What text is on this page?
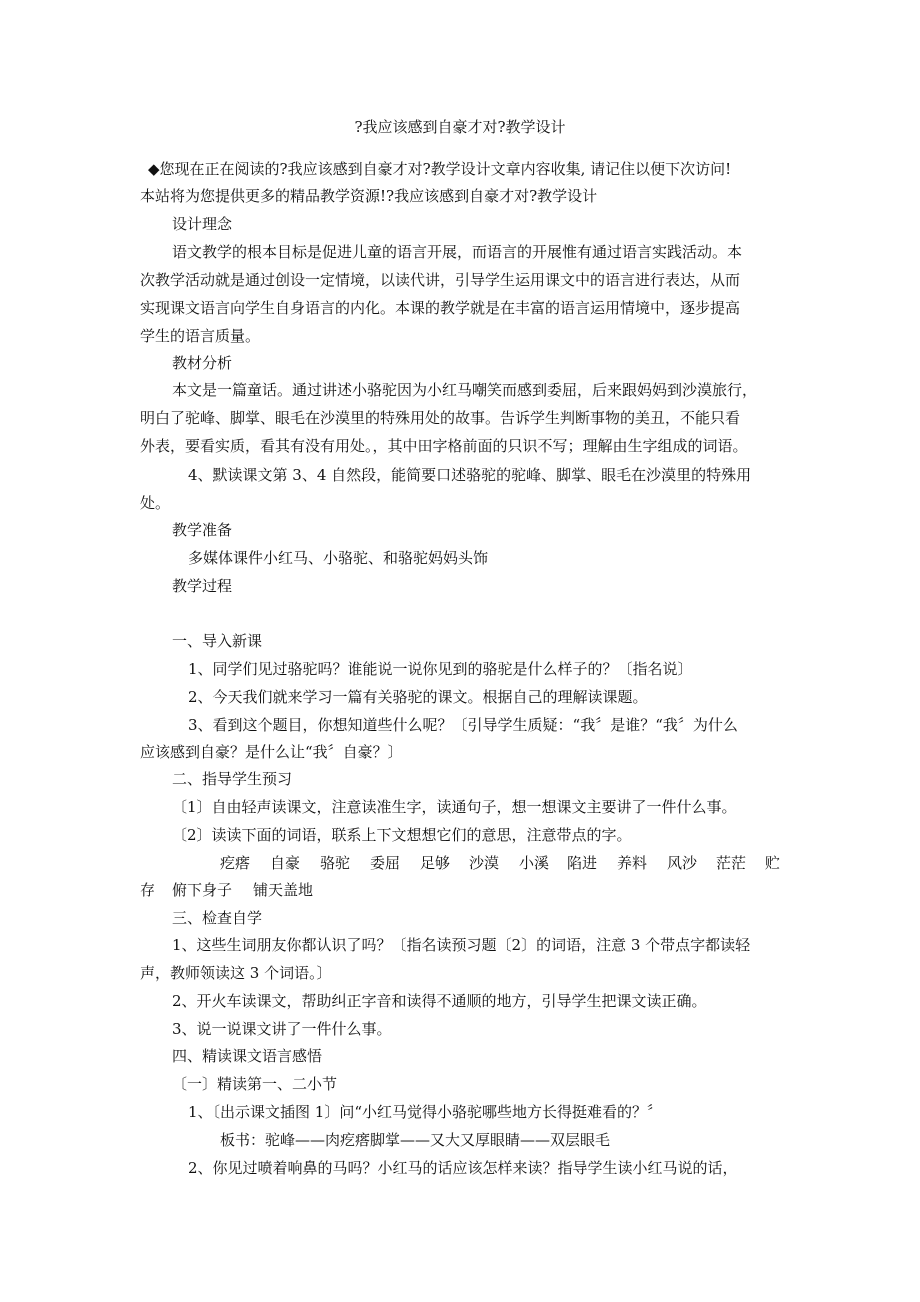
?我应该感到自豪才对?教学设计
◆您现在正在阅读的?我应该感到自豪才对?教学设计文章内容收集, 请记住以便下次访问!
本站将为您提供更多的精品教学资源!?我应该感到自豪才对?教学设计
设计理念
语文教学的根本目标是促进儿童的语言开展，而语言的开展惟有通过语言实践活动。本
次教学活动就是通过创设一定情境，以读代讲，引导学生运用课文中的语言进行表达，从而
实现课文语言向学生自身语言的内化。本课的教学就是在丰富的语言运用情境中，逐步提高
学生的语言质量。
教材分析
本文是一篇童话。通过讲述小骆驼因为小红马嘲笑而感到委屈，后来跟妈妈到沙漠旅行，
明白了驼峰、脚掌、眼毛在沙漠里的特殊用处的故事。告诉学生判断事物的美丑，不能只看
外表，要看实质，看其有没有用处。，其中田字格前面的只识不写；理解由生字组成的词语。
4、默读课文第 3、4 自然段，能简要口述骆驼的驼峰、脚掌、眼毛在沙漠里的特殊用
处。
教学准备
多媒体课件小红马、小骆驼、和骆驼妈妈头饰
教学过程
一、导入新课
1、同学们见过骆驼吗？谁能说一说你见到的骆驼是什么样子的？〔指名说〕
2、今天我们就来学习一篇有关骆驼的课文。根据自己的理解读课题。
3、看到这个题目，你想知道些什么呢？〔引导学生质疑：“我〞是谁？“我〞为什么
应该感到自豪？是什么让“我〞自豪？〕
二、指导学生预习
〔1〕自由轻声读课文，注意读准生字，读通句子，想一想课文主要讲了一件什么事。
〔2〕读读下面的词语，联系上下文想想它们的意思，注意带点的字。
疙瘩 自豪 骆驼 委屈 足够 沙漠 小溪 陷进 养料 风沙 茫茫 贮
存 俯下身子 铺天盖地
三、检查自学
1、这些生词朋友你都认识了吗？〔指名读预习题〔2〕的词语，注意 3 个带点字都读轻
声，教师领读这 3 个词语。〕
2、开火车读课文，帮助纠正字音和读得不通顺的地方，引导学生把课文读正确。
3、说一说课文讲了一件什么事。
四、精读课文语言感悟
〔一〕精读第一、二小节
1、〔出示课文插图 1〕问“小红马觉得小骆驼哪些地方长得挺难看的？〞
板书：驼峰——肉疙瘩脚掌——又大又厚眼睛——双层眼毛
2、你见过喷着响鼻的马吗？小红马的话应该怎样来读？指导学生读小红马说的话，
